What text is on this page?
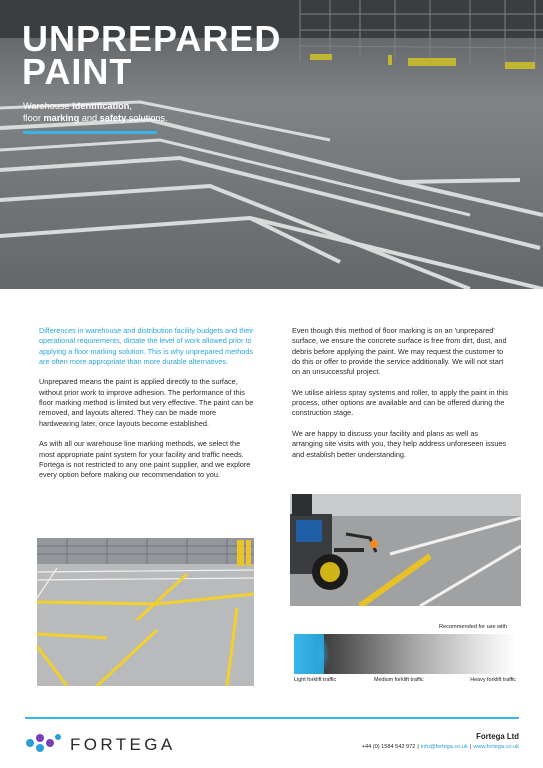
UNPREPARED
PAINT
Warehouse identification,
floor marking and safety solutions.

Differences in warehouse and distribution facility budgets and their operational requirements, dictate the level of work allowed prior to applying a floor marking solution. This is why unprepared methods are often more appropriate than more durable alternatives.

Unprepared means the paint is applied directly to the surface, without prior work to improve adhesion. The performance of this floor marking method is limited but very effective. The paint can be removed, and layouts altered. They can be made more hardwearing later, once layouts become established.

As with all our warehouse line marking methods, we select the most appropriate paint system for your facility and traffic needs. Fortega is not restricted to any one paint supplier, and we explore every option before making our recommendation to you.

Even though this method of floor marking is on an 'unprepared' surface, we ensure the concrete surface is free from dirt, dust, and debris before applying the paint. We may request the customer to do this or offer to provide the service additionally. We will not start on an unsuccessful project.

We utilise airless spray systems and roller, to apply the paint in this process, other options are available and can be offered during the construction stage.

We are happy to discuss your facility and plans as well as arranging site visits with you, they help address unforeseen issues and establish better understanding.

Recommended for use with
Light forklift traffic	Medium forklift traffic	Heavy forklift traffic
FORTEGA	Fortega Ltd
+44 (0) 1584 542 972 | info@fortega.co.uk | www.fortega.co.uk
